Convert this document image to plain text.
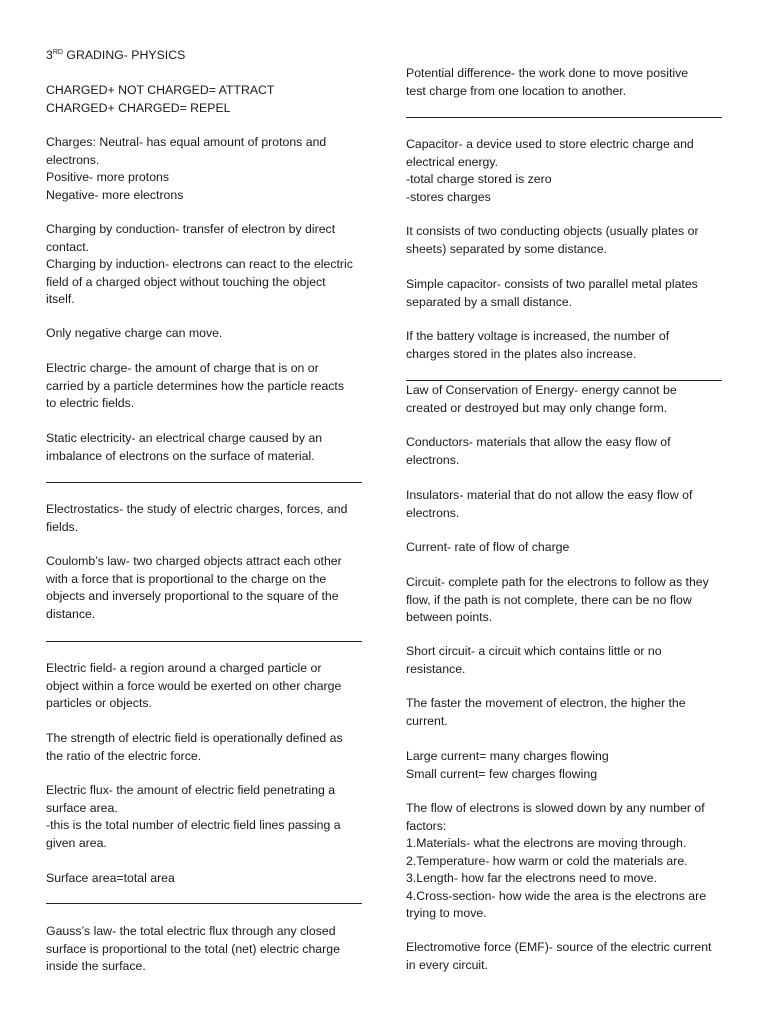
3RD GRADING- PHYSICS
CHARGED+ NOT CHARGED= ATTRACT
CHARGED+ CHARGED= REPEL
Charges: Neutral- has equal amount of protons and
electrons.
Positive- more protons
Negative- more electrons
Charging by conduction- transfer of electron by direct
contact.
Charging by induction- electrons can react to the electric
field of a charged object without touching the object
itself.
Only negative charge can move.
Electric charge- the amount of charge that is on or
carried by a particle determines how the particle reacts
to electric fields.
Static electricity- an electrical charge caused by an
imbalance of electrons on the surface of material.
Electrostatics- the study of electric charges, forces, and
fields.
Coulomb’s law- two charged objects attract each other
with a force that is proportional to the charge on the
objects and inversely proportional to the square of the
distance.
Electric field- a region around a charged particle or
object within a force would be exerted on other charge
particles or objects.
The strength of electric field is operationally defined as
the ratio of the electric force.
Electric flux- the amount of electric field penetrating a
surface area.
-this is the total number of electric field lines passing a
given area.
Surface area=total area
Gauss’s law- the total electric flux through any closed
surface is proportional to the total (net) electric charge
inside the surface.
Potential difference- the work done to move positive
test charge from one location to another.
Capacitor- a device used to store electric charge and
electrical energy.
-total charge stored is zero
-stores charges
It consists of two conducting objects (usually plates or
sheets) separated by some distance.
Simple capacitor- consists of two parallel metal plates
separated by a small distance.
If the battery voltage is increased, the number of
charges stored in the plates also increase.
Law of Conservation of Energy- energy cannot be
created or destroyed but may only change form.
Conductors- materials that allow the easy flow of
electrons.
Insulators- material that do not allow the easy flow of
electrons.
Current- rate of flow of charge
Circuit- complete path for the electrons to follow as they
flow, if the path is not complete, there can be no flow
between points.
Short circuit- a circuit which contains little or no
resistance.
The faster the movement of electron, the higher the
current.
Large current= many charges flowing
Small current= few charges flowing
The flow of electrons is slowed down by any number of
factors:
1.Materials- what the electrons are moving through.
2.Temperature- how warm or cold the materials are.
3.Length- how far the electrons need to move.
4.Cross-section- how wide the area is the electrons are
trying to move.
Electromotive force (EMF)- source of the electric current
in every circuit.
